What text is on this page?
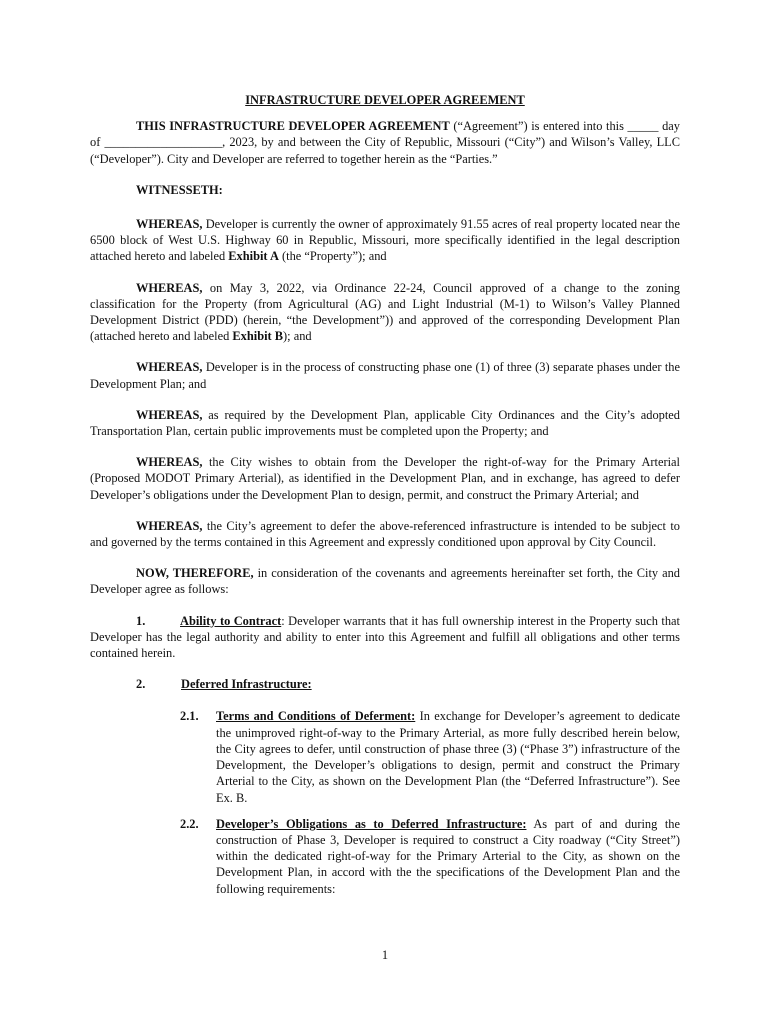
INFRASTRUCTURE DEVELOPER AGREEMENT

THIS INFRASTRUCTURE DEVELOPER AGREEMENT (“Agreement”) is entered into this _____ day of ___________________, 2023, by and between the City of Republic, Missouri (“City”) and Wilson’s Valley, LLC (“Developer”). City and Developer are referred to together herein as the “Parties.”

WITNESSETH:

WHEREAS, Developer is currently the owner of approximately 91.55 acres of real property located near the 6500 block of West U.S. Highway 60 in Republic, Missouri, more specifically identified in the legal description attached hereto and labeled Exhibit A (the “Property”); and

WHEREAS, on May 3, 2022, via Ordinance 22-24, Council approved of a change to the zoning classification for the Property (from Agricultural (AG) and Light Industrial (M-1) to Wilson’s Valley Planned Development District (PDD) (herein, “the Development”)) and approved of the corresponding Development Plan (attached hereto and labeled Exhibit B); and

WHEREAS, Developer is in the process of constructing phase one (1) of three (3) separate phases under the Development Plan; and

WHEREAS, as required by the Development Plan, applicable City Ordinances and the City’s adopted Transportation Plan, certain public improvements must be completed upon the Property; and

WHEREAS, the City wishes to obtain from the Developer the right-of-way for the Primary Arterial (Proposed MODOT Primary Arterial), as identified in the Development Plan, and in exchange, has agreed to defer Developer’s obligations under the Development Plan to design, permit, and construct the Primary Arterial; and

WHEREAS, the City’s agreement to defer the above-referenced infrastructure is intended to be subject to and governed by the terms contained in this Agreement and expressly conditioned upon approval by City Council.

NOW, THEREFORE, in consideration of the covenants and agreements hereinafter set forth, the City and Developer agree as follows:

1.	Ability to Contract: Developer warrants that it has full ownership interest in the Property such that Developer has the legal authority and ability to enter into this Agreement and fulfill all obligations and other terms contained herein.

2.	Deferred Infrastructure:

2.1. Terms and Conditions of Deferment: In exchange for Developer’s agreement to dedicate the unimproved right-of-way to the Primary Arterial, as more fully described herein below, the City agrees to defer, until construction of phase three (3) (“Phase 3”) infrastructure of the Development, the Developer’s obligations to design, permit and construct the Primary Arterial to the City, as shown on the Development Plan (the “Deferred Infrastructure”). See Ex. B.

2.2. Developer’s Obligations as to Deferred Infrastructure: As part of and during the construction of Phase 3, Developer is required to construct a City roadway (“City Street”) within the dedicated right-of-way for the Primary Arterial to the City, as shown on the Development Plan, in accord with the the specifications of the Development Plan and the following requirements:

1
